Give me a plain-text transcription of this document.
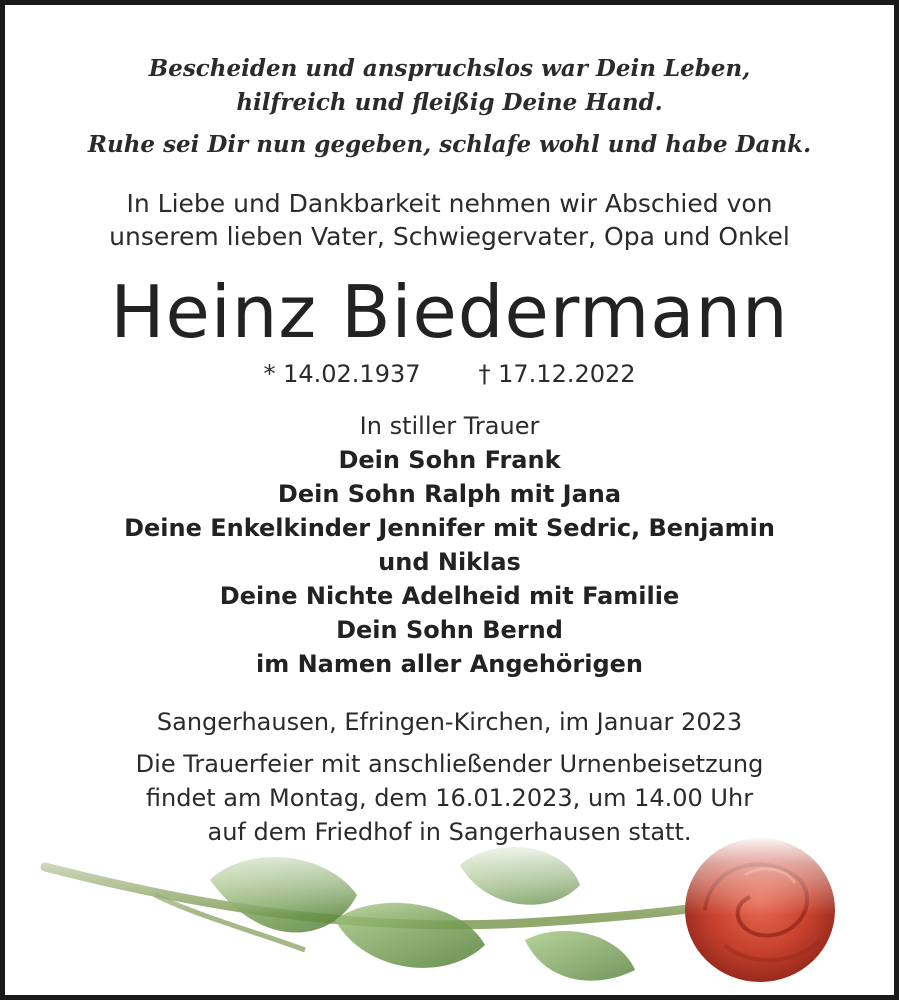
Bescheiden und anspruchslos war Dein Leben,

hilfreich und fleißig Deine Hand.

Ruhe sei Dir nun gegeben, schlafe wohl und habe Dank.

In Liebe und Dankbarkeit nehmen wir Abschied von
unserem lieben Vater, Schwiegervater, Opa und Onkel
Heinz Biedermann
* 14.02.1937 † 17.12.2022
In stiller Trauer
Dein Sohn Frank
Dein Sohn Ralph mit Jana
Deine Enkelkinder Jennifer mit Sedric, Benjamin
und Niklas
Deine Nichte Adelheid mit Familie
Dein Sohn Bernd
im Namen aller Angehörigen
Sangerhausen, Efringen-Kirchen, im Januar 2023
Die Trauerfeier mit anschließender Urnenbeisetzung
findet am Montag, dem 16.01.2023, um 14.00 Uhr
auf dem Friedhof in Sangerhausen statt.
